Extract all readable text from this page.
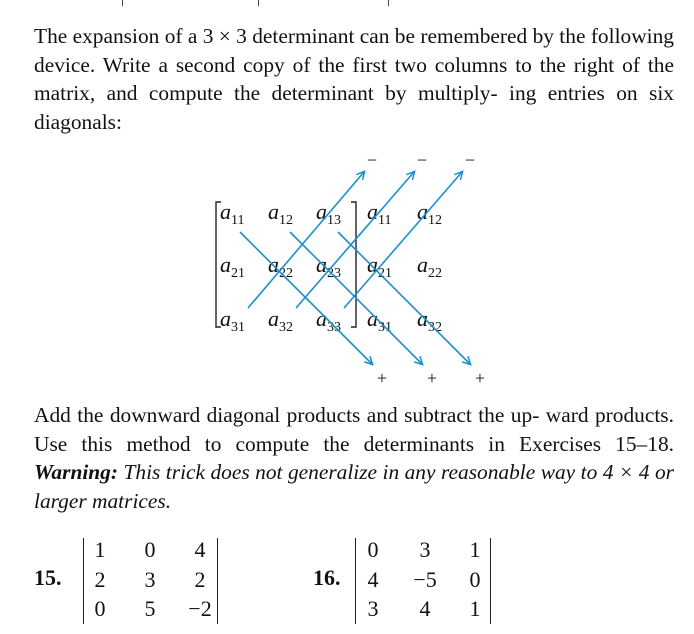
The expansion of a 3 × 3 determinant can be remembered by the following device. Write a second copy of the first two columns to the right of the matrix, and compute the determinant by multiply- ing entries on six diagonals:

$a_{11}$ $a_{12}$ $a_{13}$ $a_{11}$ $a_{12}$
$a_{21}$ $a_{22}$ $a_{23}$ $a_{21}$ $a_{22}$
$a_{31}$ $a_{32}$ $a_{33}$ $a_{31}$ $a_{32}$
− − −
+ + +

Add the downward diagonal products and subtract the up- ward products. Use this method to compute the determinants in Exercises 15–18. Warning: This trick does not generalize in any reasonable way to 4 × 4 or larger matrices.

15.
1	0	4
2	3	2
0	5	−2
16.
0	3	1
4	−5	0
3	4	1
